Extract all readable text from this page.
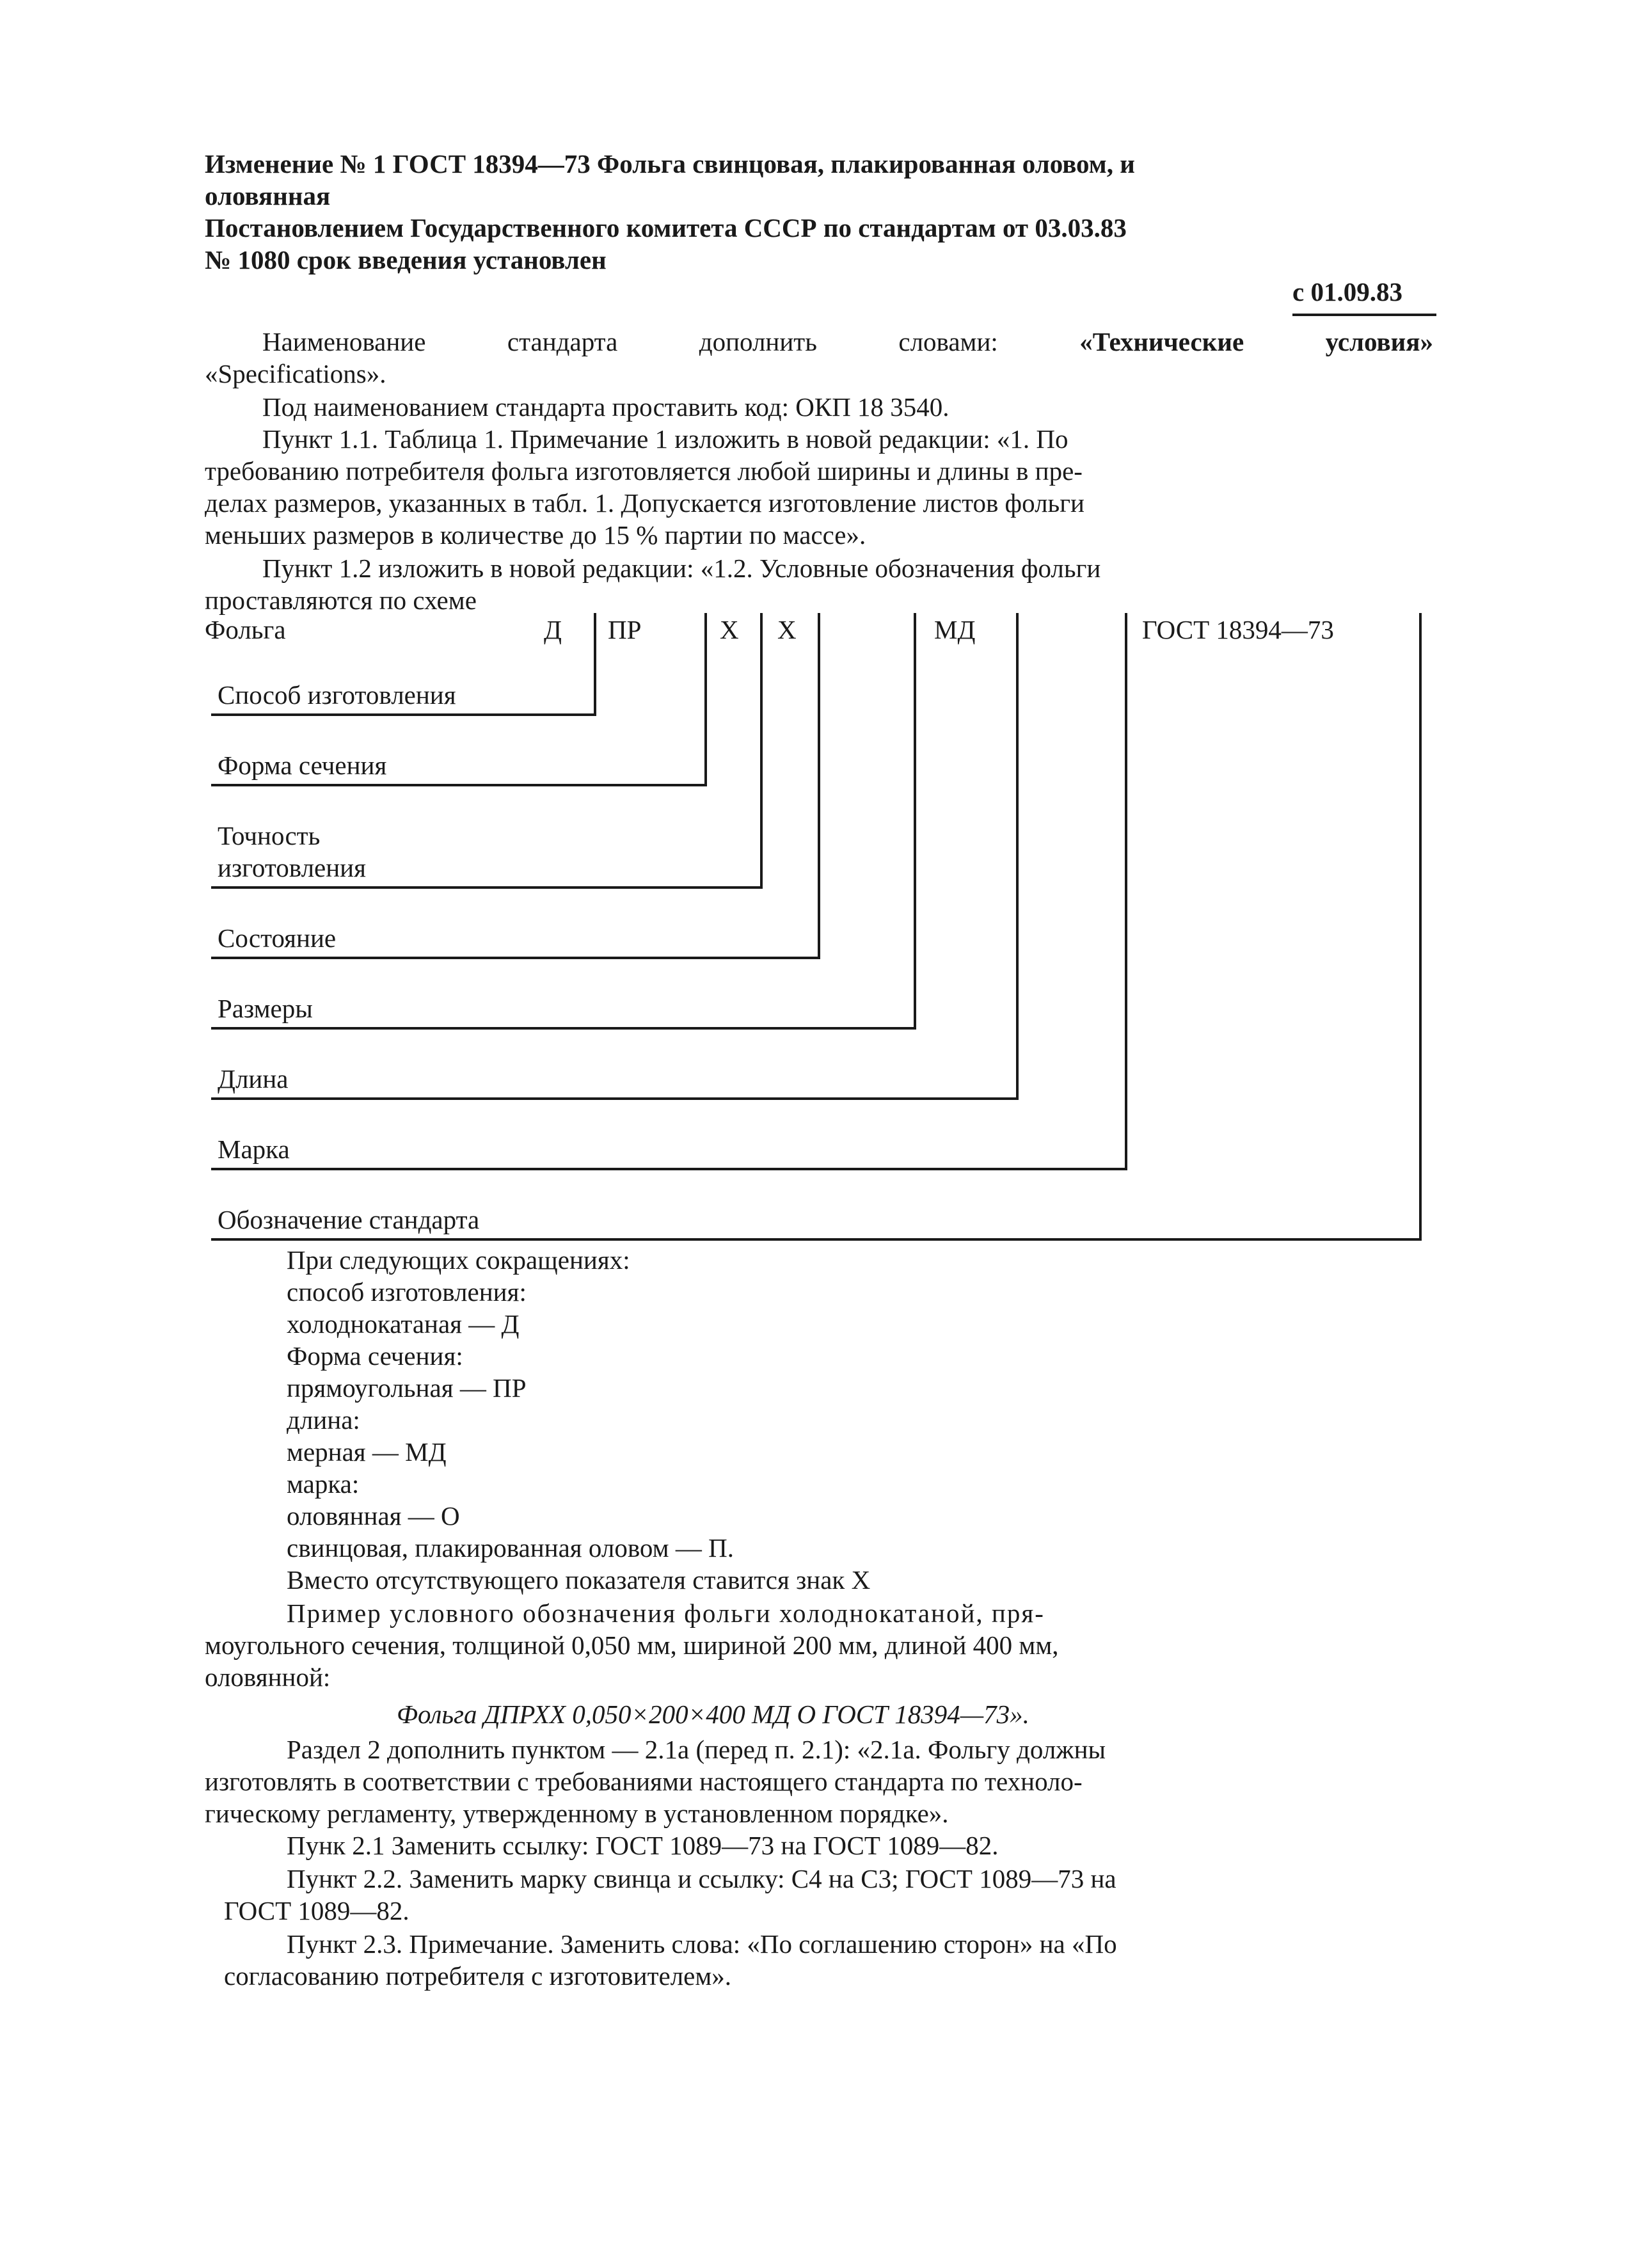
Изменение № 1 ГОСТ 18394—73 Фольга свинцовая, плакированная оловом, и
оловянная
Постановлением Государственного комитета СССР по стандартам от 03.03.83
№ 1080 срок введения установлен
с 01.09.83
Наименование	стандарта	дополнить	словами:	«Технические	условия»
«Specifications».
Под наименованием стандарта проставить код: ОКП 18 3540.
Пункт 1.1. Таблица 1. Примечание 1 изложить в новой редакции: «1. По
требованию потребителя фольга изготовляется любой ширины и длины в пре-
делах размеров, указанных в табл. 1. Допускается изготовление листов фольги
меньших размеров в количестве до 15 % партии по массе».
Пункт 1.2 изложить в новой редакции: «1.2. Условные обозначения фольги
проставляются по схеме
Фольга	Д ПР	Х Х	МД	ГОСТ 18394—73
Способ изготовления
Форма сечения
Точность
изготовления
Состояние
Размеры
Длина
Марка
Обозначение стандарта
При следующих сокращениях:
способ изготовления:
холоднокатаная — Д
Форма сечения:
прямоугольная — ПР
длина:
мерная — МД
марка:
оловянная — О
свинцовая, плакированная оловом — П.
Вместо отсутствующего показателя ставится знак Х
Пример условного обозначения фольги холоднокатаной, пря-
моугольного сечения, толщиной 0,050 мм, шириной 200 мм, длиной 400 мм,
оловянной:
Фольга ДПРХХ 0,050×200×400 МД О ГОСТ 18394—73».
Раздел 2 дополнить пунктом — 2.1а (перед п. 2.1): «2.1а. Фольгу должны
изготовлять в соответствии с требованиями настоящего стандарта по техноло-
гическому регламенту, утвержденному в установленном порядке».
Пунк 2.1 Заменить ссылку: ГОСТ 1089—73 на ГОСТ 1089—82.
Пункт 2.2. Заменить марку свинца и ссылку: С4 на С3; ГОСТ 1089—73 на
ГОСТ 1089—82.
Пункт 2.3. Примечание. Заменить слова: «По соглашению сторон» на «По
согласованию потребителя с изготовителем».
